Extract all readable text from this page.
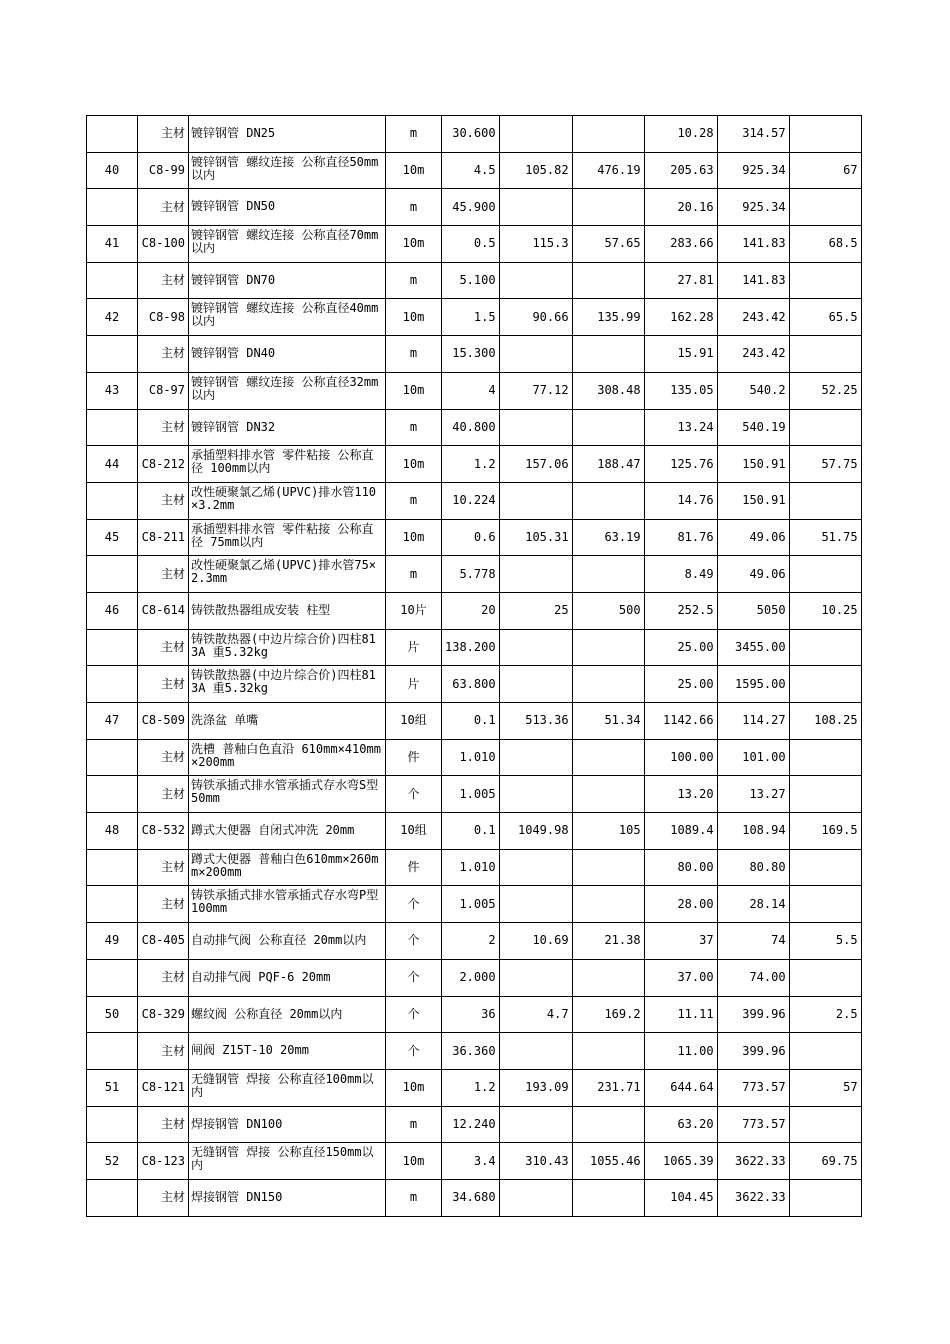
	主材	镀锌钢管 DN25	m	30.600			10.28	314.57	
40	C8-99	镀锌钢管 螺纹连接 公称直径50mm以内	10m	4.5	105.82	476.19	205.63	925.34	67
	主材	镀锌钢管 DN50	m	45.900			20.16	925.34	
41	C8-100	镀锌钢管 螺纹连接 公称直径70mm以内	10m	0.5	115.3	57.65	283.66	141.83	68.5
	主材	镀锌钢管 DN70	m	5.100			27.81	141.83	
42	C8-98	镀锌钢管 螺纹连接 公称直径40mm以内	10m	1.5	90.66	135.99	162.28	243.42	65.5
	主材	镀锌钢管 DN40	m	15.300			15.91	243.42	
43	C8-97	镀锌钢管 螺纹连接 公称直径32mm以内	10m	4	77.12	308.48	135.05	540.2	52.25
	主材	镀锌钢管 DN32	m	40.800			13.24	540.19	
44	C8-212	承插塑料排水管 零件粘接 公称直径 100mm以内	10m	1.2	157.06	188.47	125.76	150.91	57.75
	主材	改性硬聚氯乙烯(UPVC)排水管110×3.2mm	m	10.224			14.76	150.91	
45	C8-211	承插塑料排水管 零件粘接 公称直径 75mm以内	10m	0.6	105.31	63.19	81.76	49.06	51.75
	主材	改性硬聚氯乙烯(UPVC)排水管75×2.3mm	m	5.778			8.49	49.06	
46	C8-614	铸铁散热器组成安装 柱型	10片	20	25	500	252.5	5050	10.25
	主材	铸铁散热器(中边片综合价)四柱813A 重5.32kg	片	138.200			25.00	3455.00	
	主材	铸铁散热器(中边片综合价)四柱813A 重5.32kg	片	63.800			25.00	1595.00	
47	C8-509	洗涤盆 单嘴	10组	0.1	513.36	51.34	1142.66	114.27	108.25
	主材	洗槽 普釉白色直沿 610mm×410mm×200mm	件	1.010			100.00	101.00	
	主材	铸铁承插式排水管承插式存水弯S型 50mm	个	1.005			13.20	13.27	
48	C8-532	蹲式大便器 自闭式冲洗 20mm	10组	0.1	1049.98	105	1089.4	108.94	169.5
	主材	蹲式大便器 普釉白色610mm×260mm×200mm	件	1.010			80.00	80.80	
	主材	铸铁承插式排水管承插式存水弯P型 100mm	个	1.005			28.00	28.14	
49	C8-405	自动排气阀 公称直径 20mm以内	个	2	10.69	21.38	37	74	5.5
	主材	自动排气阀 PQF-6 20mm	个	2.000			37.00	74.00	
50	C8-329	螺纹阀 公称直径 20mm以内	个	36	4.7	169.2	11.11	399.96	2.5
	主材	闸阀 Z15T-10 20mm	个	36.360			11.00	399.96	
51	C8-121	无缝钢管 焊接 公称直径100mm以内	10m	1.2	193.09	231.71	644.64	773.57	57
	主材	焊接钢管 DN100	m	12.240			63.20	773.57	
52	C8-123	无缝钢管 焊接 公称直径150mm以内	10m	3.4	310.43	1055.46	1065.39	3622.33	69.75
	主材	焊接钢管 DN150	m	34.680			104.45	3622.33	
